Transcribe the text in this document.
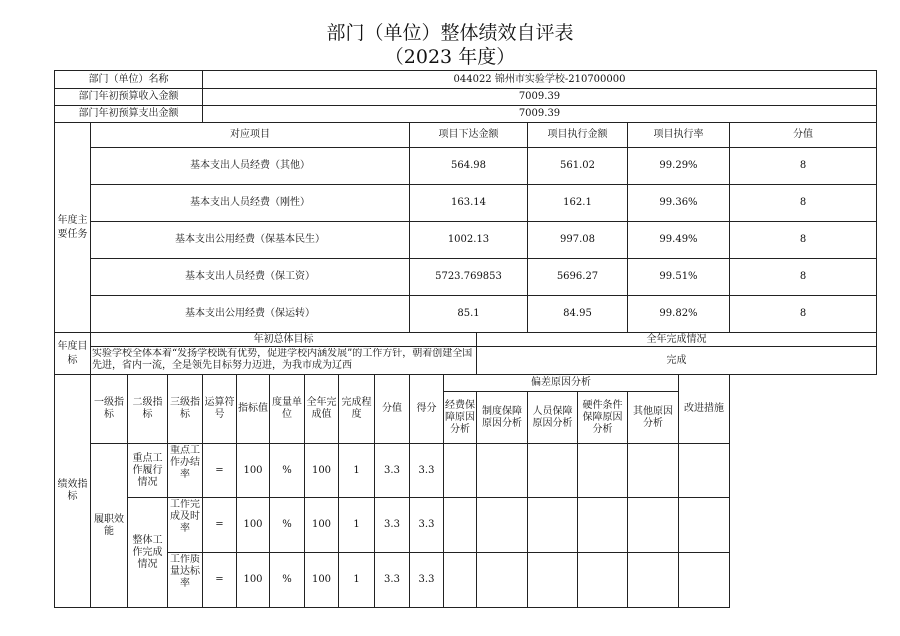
部门（单位）整体绩效自评表
（2023 年度）
部门（单位）名称				044022 锦州市实验学校-210700000														
部门年初预算收入金额				7009.39														
部门年初预算支出金额				7009.39														
年度主要任务	对应项目									项目下达金额			项目执行金额		项目执行率		分值	
	基本支出人员经费（其他）									564.98			561.02		99.29%		8	
	基本支出人员经费（刚性）									163.14			162.1		99.36%		8	
	基本支出公用经费（保基本民生）									1002.13			997.08		99.49%		8	
	基本支出人员经费（保工资）									5723.769853			5696.27		99.51%		8	
	基本支出公用经费（保运转）									85.1			84.95		99.82%		8	
年度目标	年初总体目标											全年完成情况						

	实验学校全体本着“发扬学校既有优势，促进学校内涵发展”的工作方针，朝着创建全国先进，省内一流，全是领先目标努力迈进，为我市成为辽西											完成						
绩效指标	一级指标	二级指标	三级指标	运算符号	指标值	度量单位	全年完成值	完成程度	分值	得分	偏差原因分析					改进措施		
											经费保障原因分析	制度保障原因分析	人员保障原因分析	硬件条件保障原因分析	其他原因分析			
	履职效能	重点工作履行情况	重点工作办结率	=	100	%	100	1	3.3	3.3								
		整体工作完成情况	工作完成及时率	=	100	%	100	1	3.3	3.3								

			工作质量达标率	=	100	%	100	1	3.3	3.3								
